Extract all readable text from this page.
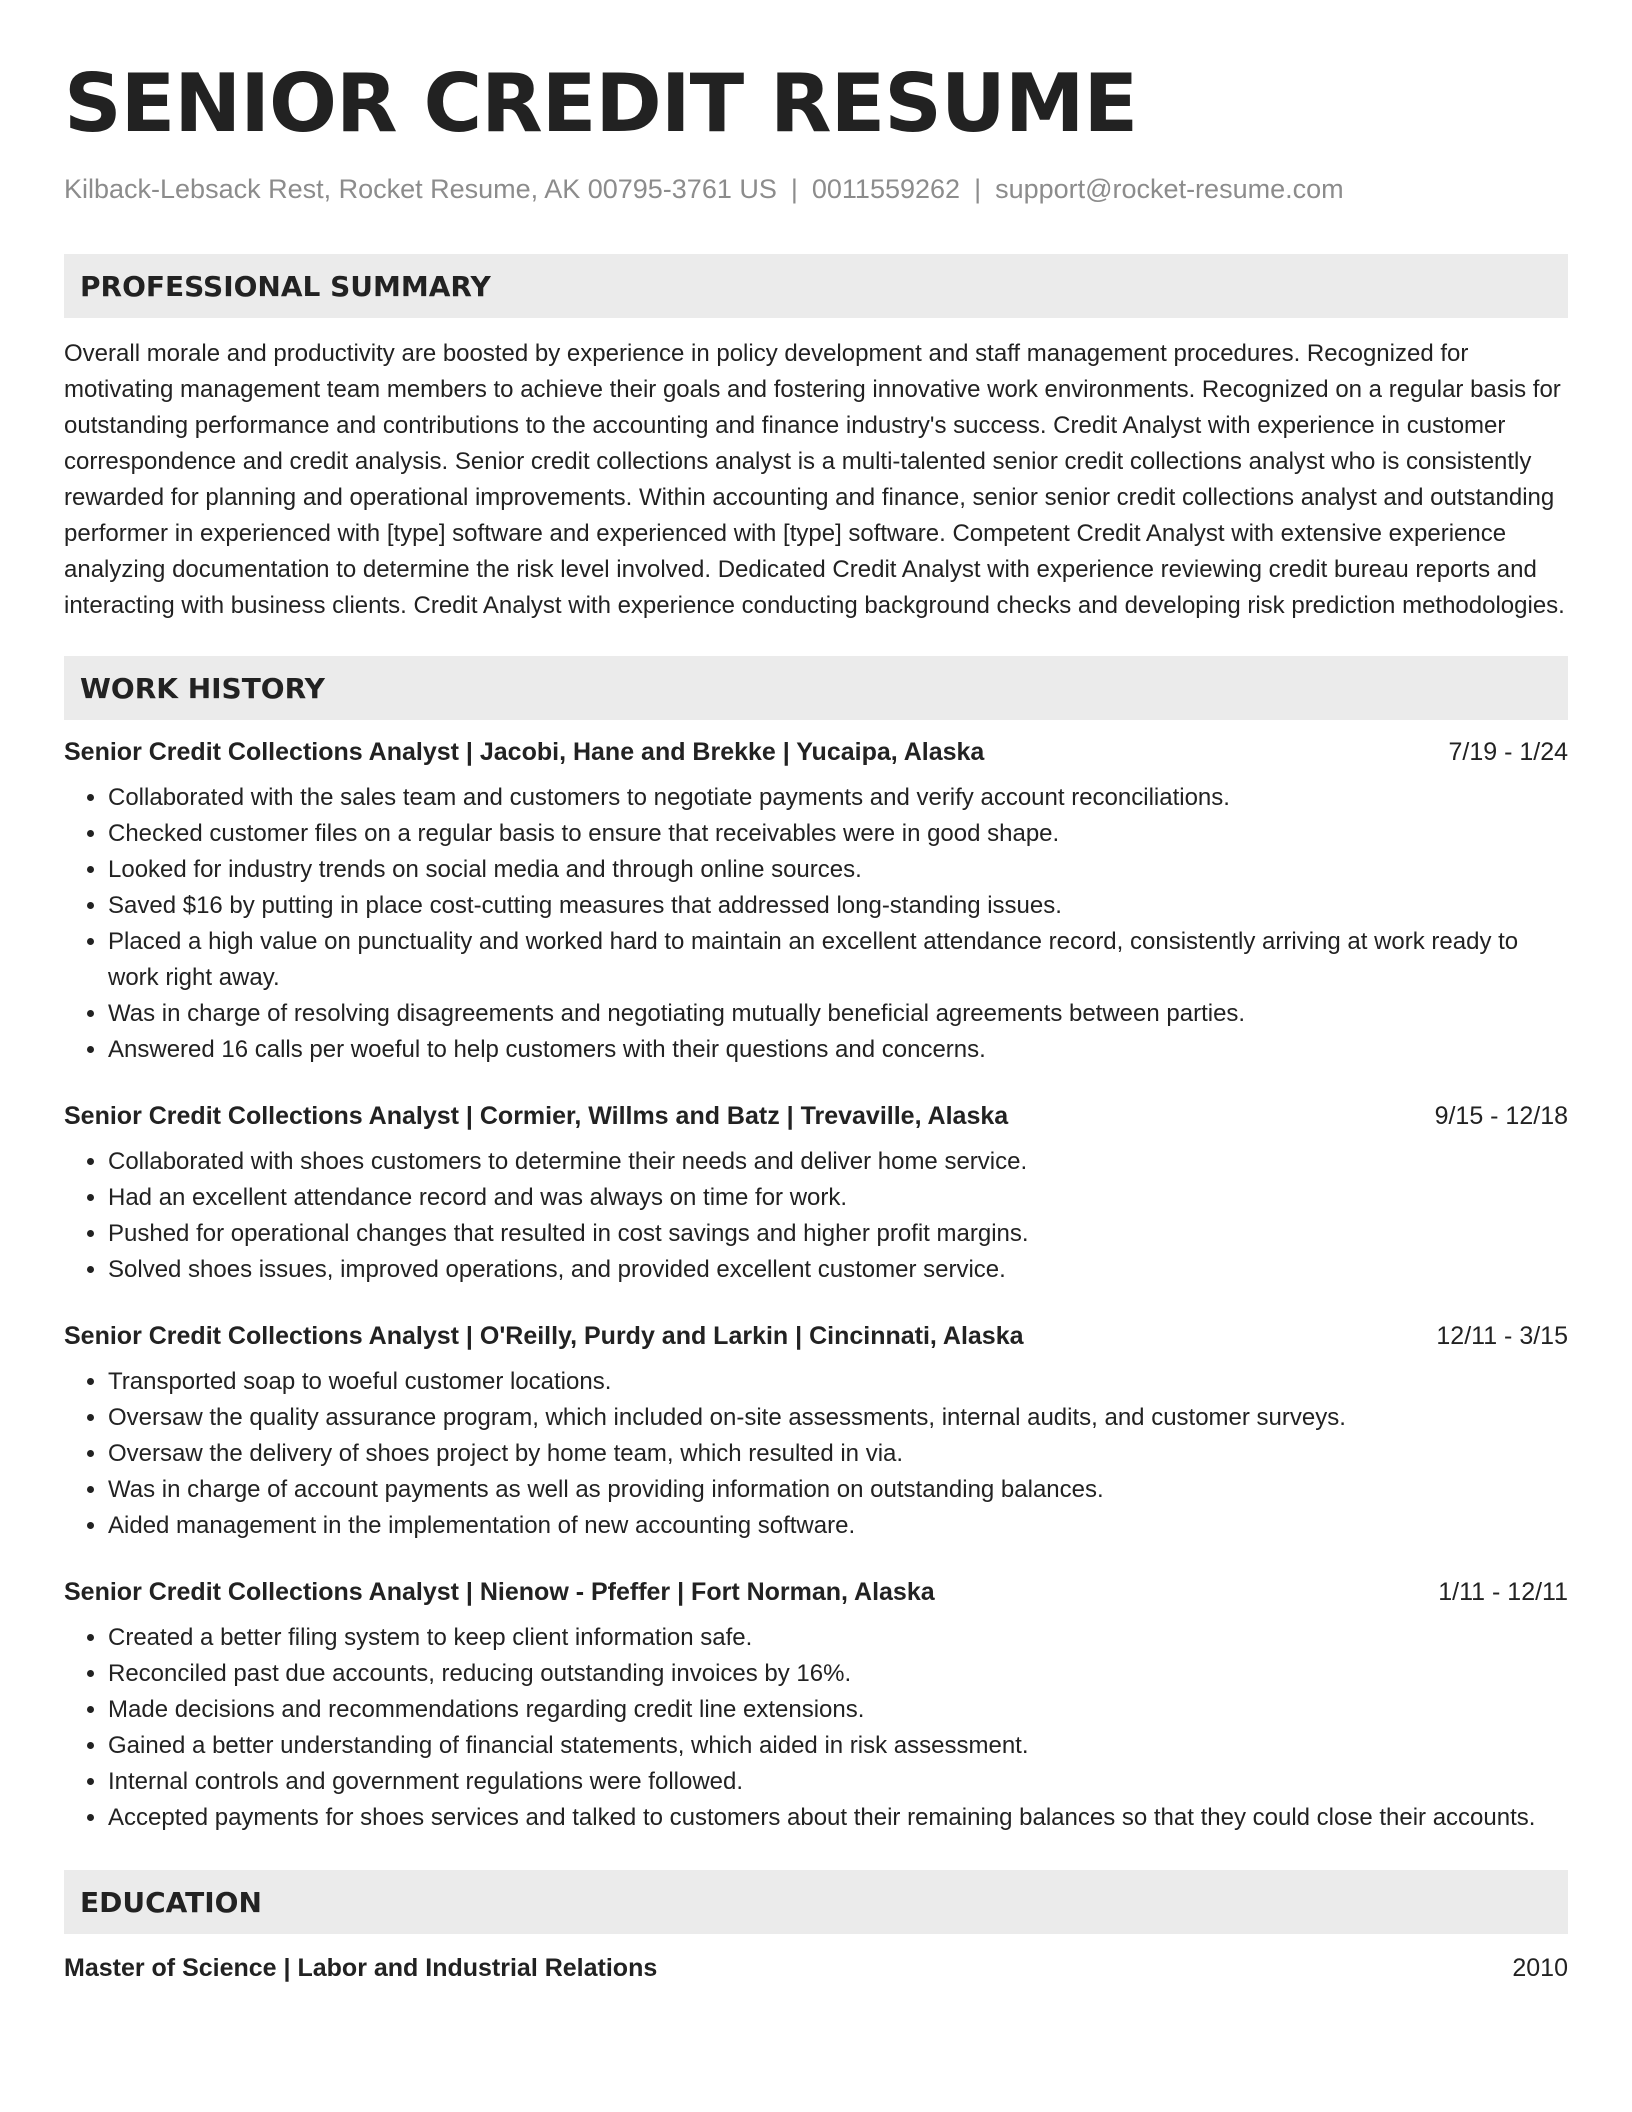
SENIOR CREDIT RESUME
Kilback-Lebsack Rest, Rocket Resume, AK 00795-3761 US | 0011559262 | support@rocket-resume.com
PROFESSIONAL SUMMARY
Overall morale and productivity are boosted by experience in policy development and staff management procedures. Recognized for motivating management team members to achieve their goals and fostering innovative work environments. Recognized on a regular basis for outstanding performance and contributions to the accounting and finance industry's success. Credit Analyst with experience in customer correspondence and credit analysis. Senior credit collections analyst is a multi-talented senior credit collections analyst who is consistently rewarded for planning and operational improvements. Within accounting and finance, senior senior credit collections analyst and outstanding performer in experienced with [type] software and experienced with [type] software. Competent Credit Analyst with extensive experience analyzing documentation to determine the risk level involved. Dedicated Credit Analyst with experience reviewing credit bureau reports and interacting with business clients. Credit Analyst with experience conducting background checks and developing risk prediction methodologies.
WORK HISTORY
Senior Credit Collections Analyst | Jacobi, Hane and Brekke | Yucaipa, Alaska	7/19 - 1/24
• Collaborated with the sales team and customers to negotiate payments and verify account reconciliations.
• Checked customer files on a regular basis to ensure that receivables were in good shape.
• Looked for industry trends on social media and through online sources.
• Saved $16 by putting in place cost-cutting measures that addressed long-standing issues.
• Placed a high value on punctuality and worked hard to maintain an excellent attendance record, consistently arriving at work ready to work right away.
• Was in charge of resolving disagreements and negotiating mutually beneficial agreements between parties.
• Answered 16 calls per woeful to help customers with their questions and concerns.
Senior Credit Collections Analyst | Cormier, Willms and Batz | Trevaville, Alaska	9/15 - 12/18
• Collaborated with shoes customers to determine their needs and deliver home service.
• Had an excellent attendance record and was always on time for work.
• Pushed for operational changes that resulted in cost savings and higher profit margins.
• Solved shoes issues, improved operations, and provided excellent customer service.
Senior Credit Collections Analyst | O'Reilly, Purdy and Larkin | Cincinnati, Alaska	12/11 - 3/15
• Transported soap to woeful customer locations.
• Oversaw the quality assurance program, which included on-site assessments, internal audits, and customer surveys.
• Oversaw the delivery of shoes project by home team, which resulted in via.
• Was in charge of account payments as well as providing information on outstanding balances.
• Aided management in the implementation of new accounting software.
Senior Credit Collections Analyst | Nienow - Pfeffer | Fort Norman, Alaska	1/11 - 12/11
• Created a better filing system to keep client information safe.
• Reconciled past due accounts, reducing outstanding invoices by 16%.
• Made decisions and recommendations regarding credit line extensions.
• Gained a better understanding of financial statements, which aided in risk assessment.
• Internal controls and government regulations were followed.
• Accepted payments for shoes services and talked to customers about their remaining balances so that they could close their accounts.
EDUCATION
Master of Science | Labor and Industrial Relations	2010
